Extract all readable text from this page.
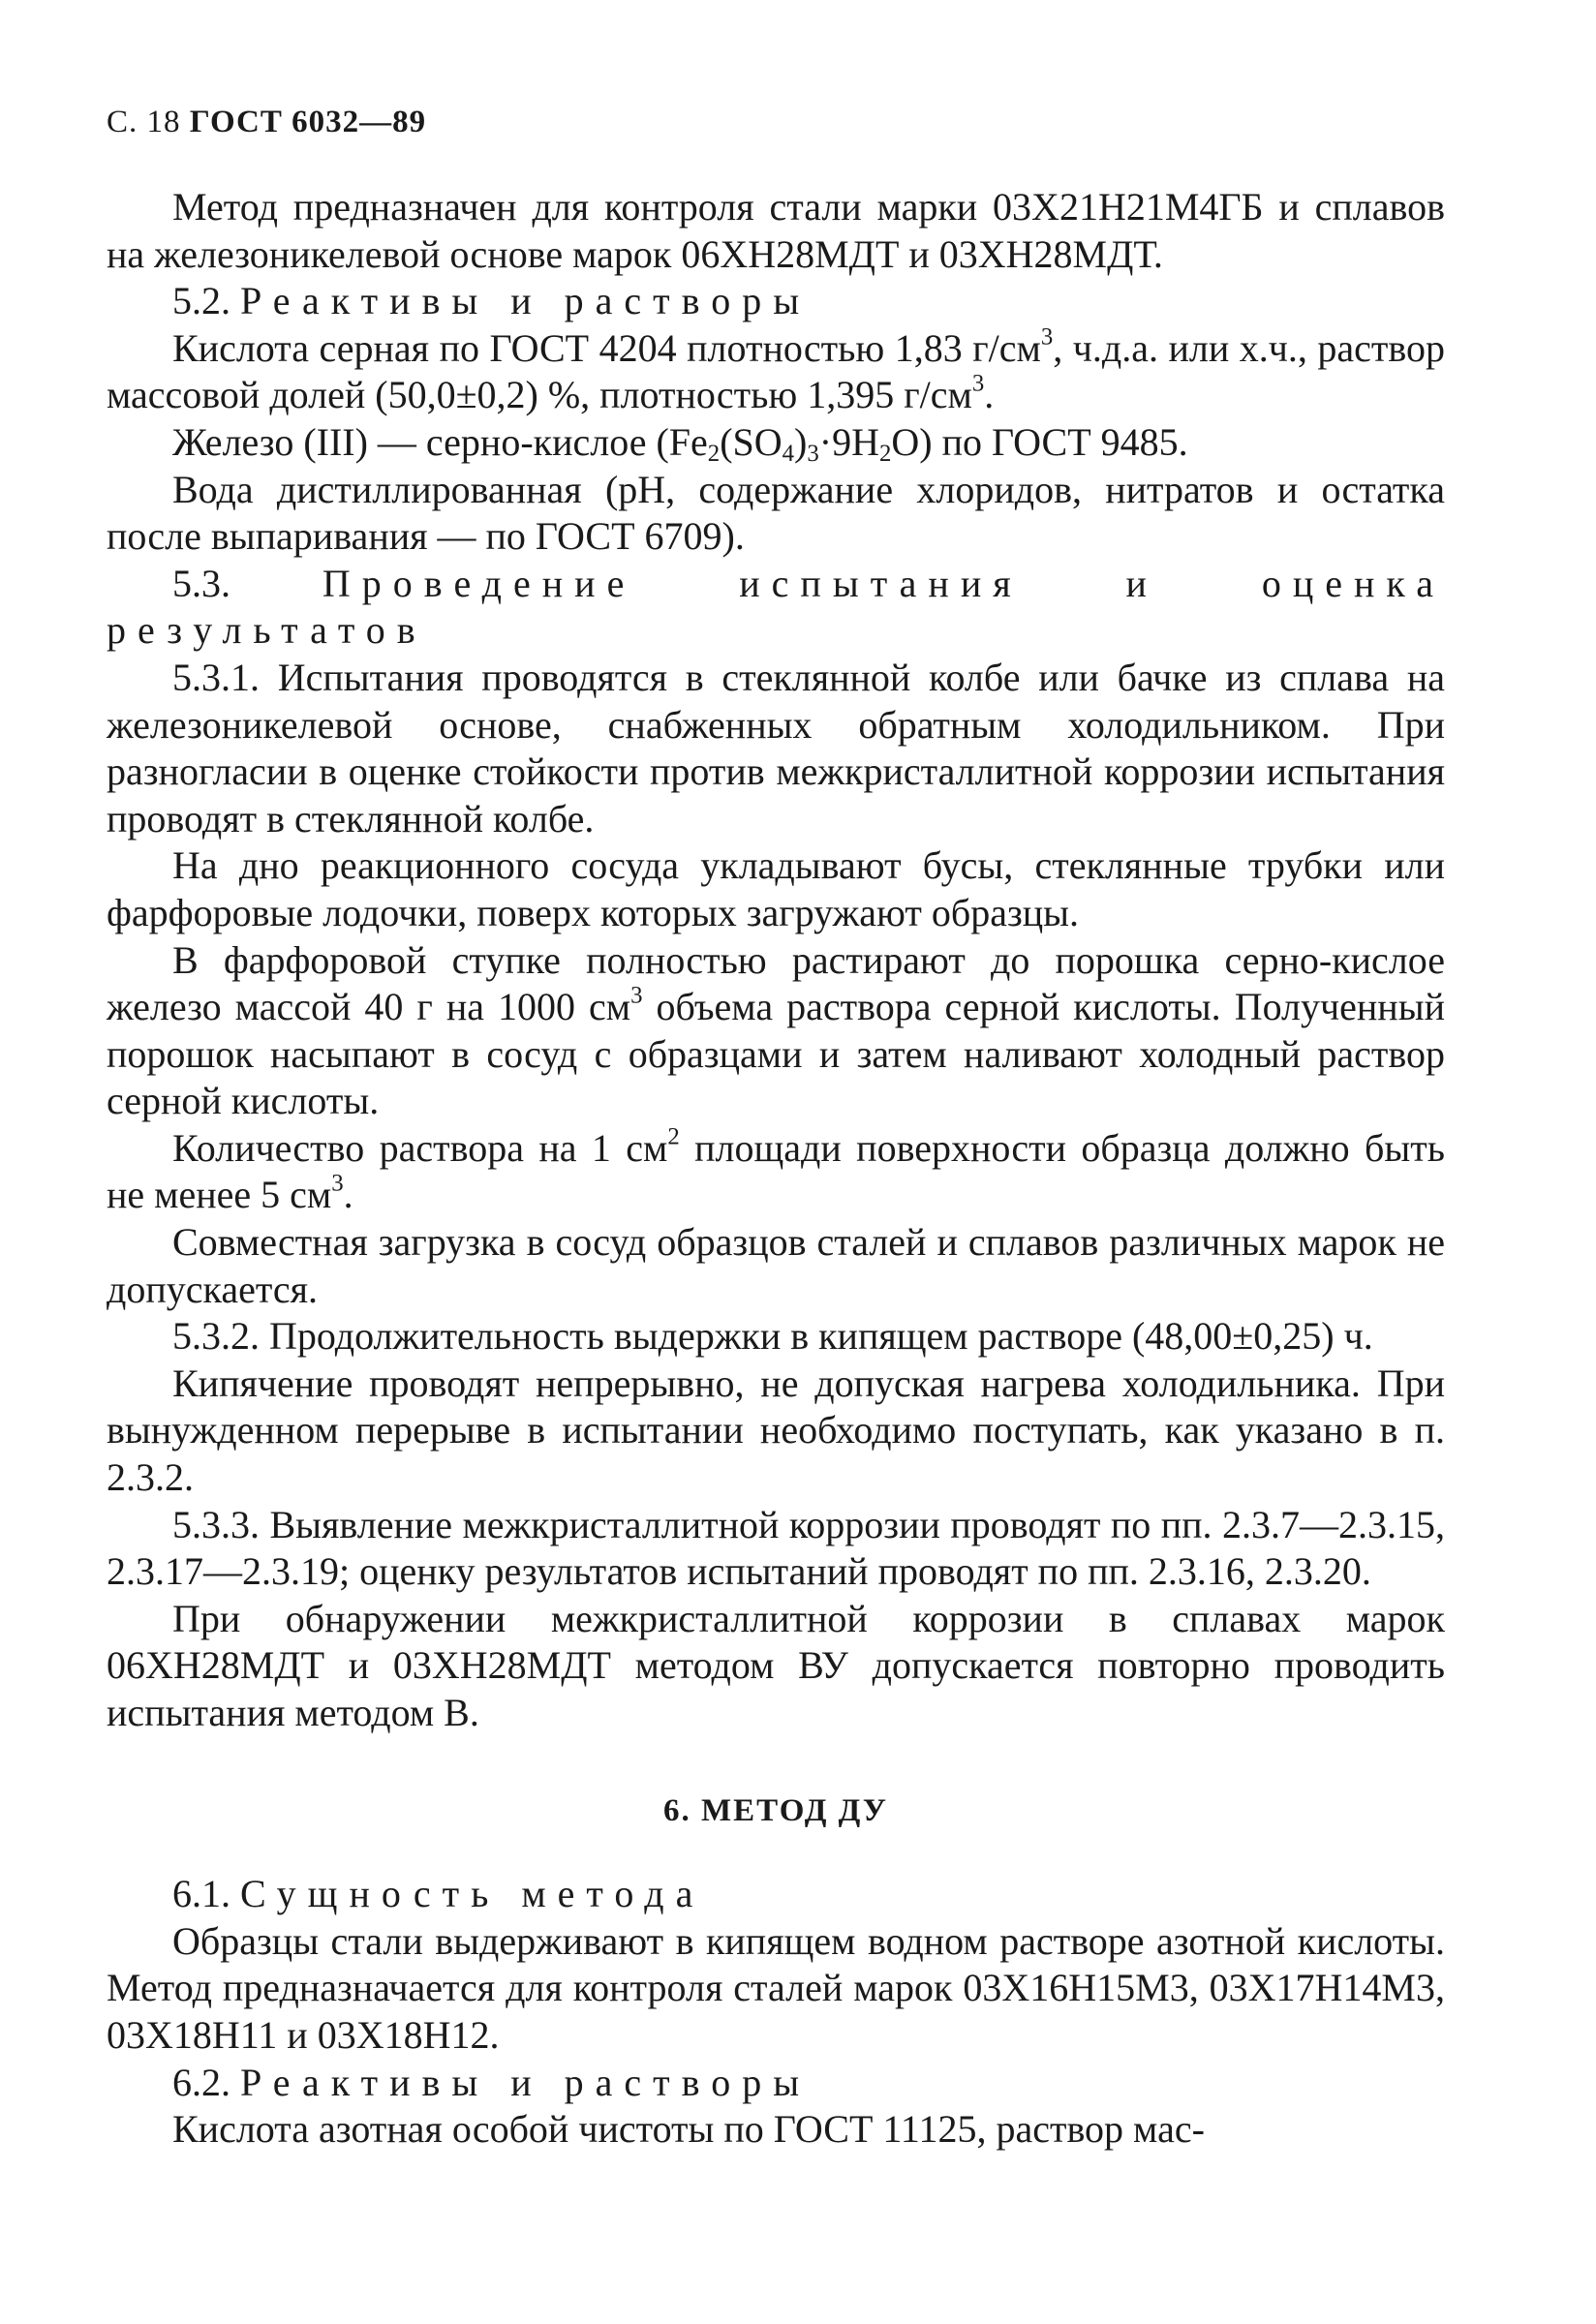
С. 18 ГОСТ 6032—89

Метод предназначен для контроля стали марки 03Х21Н21М4ГБ и сплавов на железоникелевой основе марок 06ХН28МДТ и 03ХН28МДТ.

5.2. Реактивы и растворы

Кислота серная по ГОСТ 4204 плотностью 1,83 $г/см^3$, ч.д.а. или х.ч., раствор массовой долей (50,0±0,2) %, плотностью 1,395 $г/см^3$.

Железо (III) — серно-кислое $(Fe_2(SO_4)_3\cdot 9H_2O)$ по ГОСТ 9485.

Вода дистиллированная (pH, содержание хлоридов, нитратов и остатка после выпаривания — по ГОСТ 6709).

5.3. Проведение испытания и оценка результатов

5.3.1. Испытания проводятся в стеклянной колбе или бачке из сплава на железоникелевой основе, снабженных обратным холодильником. При разногласии в оценке стойкости против межкристаллитной коррозии испытания проводят в стеклянной колбе.

На дно реакционного сосуда укладывают бусы, стеклянные трубки или фарфоровые лодочки, поверх которых загружают образцы.

В фарфоровой ступке полностью растирают до порошка серно-кислое железо массой 40 г на 1000 $см^3$ объема раствора серной кислоты. Полученный порошок насыпают в сосуд с образцами и затем наливают холодный раствор серной кислоты.

Количество раствора на 1 $см^2$ площади поверхности образца должно быть не менее 5 $см^3$.

Совместная загрузка в сосуд образцов сталей и сплавов различных марок не допускается.

5.3.2. Продолжительность выдержки в кипящем растворе (48,00±0,25) ч.

Кипячение проводят непрерывно, не допуская нагрева холодильника. При вынужденном перерыве в испытании необходимо поступать, как указано в п. 2.3.2.

5.3.3. Выявление межкристаллитной коррозии проводят по пп. 2.3.7—2.3.15, 2.3.17—2.3.19; оценку результатов испытаний проводят по пп. 2.3.16, 2.3.20.

При обнаружении межкристаллитной коррозии в сплавах марок 06ХН28МДТ и 03ХН28МДТ методом ВУ допускается повторно проводить испытания методом В.

6. МЕТОД ДУ

6.1. Сущность метода

Образцы стали выдерживают в кипящем водном растворе азотной кислоты. Метод предназначается для контроля сталей марок 03Х16Н15М3, 03Х17Н14М3, 03Х18Н11 и 03Х18Н12.

6.2. Реактивы и растворы

Кислота азотная особой чистоты по ГОСТ 11125, раствор мас-
